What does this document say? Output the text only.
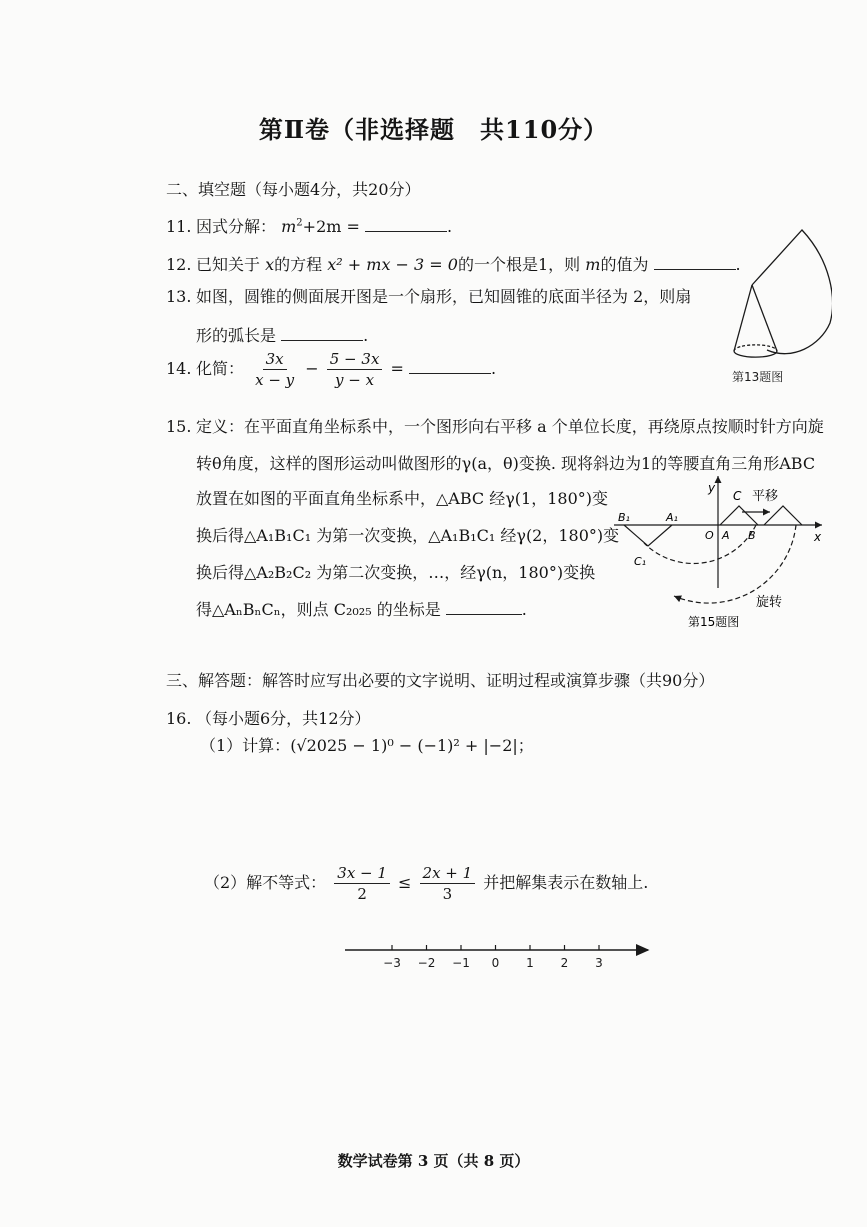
第Ⅱ卷（非选择题　共110分）
二、填空题（每小题4分，共20分）
11. 因式分解： $m^2+2m$ =	.
12. 已知关于 x的方程 x² + mx − 3 = 0的一个根是1，则 m的值为	.
13. 如图，圆锥的侧面展开图是一个扇形，已知圆锥的底面半径为 2，则扇
形的弧长是	.
第13题图
14. 化简： $\frac{3x}{x - y} - \frac{5 - 3x}{y - x}$ =	.
15. 定义：在平面直角坐标系中，一个图形向右平移 a 个单位长度，再绕原点按顺时针方向旋
转θ角度，这样的图形运动叫做图形的γ(a，θ)变换. 现将斜边为1的等腰直角三角形ABC
放置在如图的平面直角坐标系中，△ABC 经γ(1，180°)变
换后得△A₁B₁C₁ 为第一次变换，△A₁B₁C₁ 经γ(2，180°)变
换后得△A₂B₂C₂ 为第二次变换，…，经γ(n，180°)变换
得△AₙBₙCₙ，则点 C₂₀₂₅ 的坐标是	.
y
x
C 平移
B₁	A₁
O A B
C₁
旋转
第15题图
三、解答题：解答时应写出必要的文字说明、证明过程或演算步骤（共90分）
16. （每小题6分，共12分）
（1）计算：(√2025 − 1)⁰ − (−1)² + |−2|；
（2）解不等式： $\frac{3x - 1}{2} \le \frac{2x + 1}{3}$ 并把解集表示在数轴上.
−3 −2 −1 0 1 2 3
数学试卷第 3 页（共 8 页）
